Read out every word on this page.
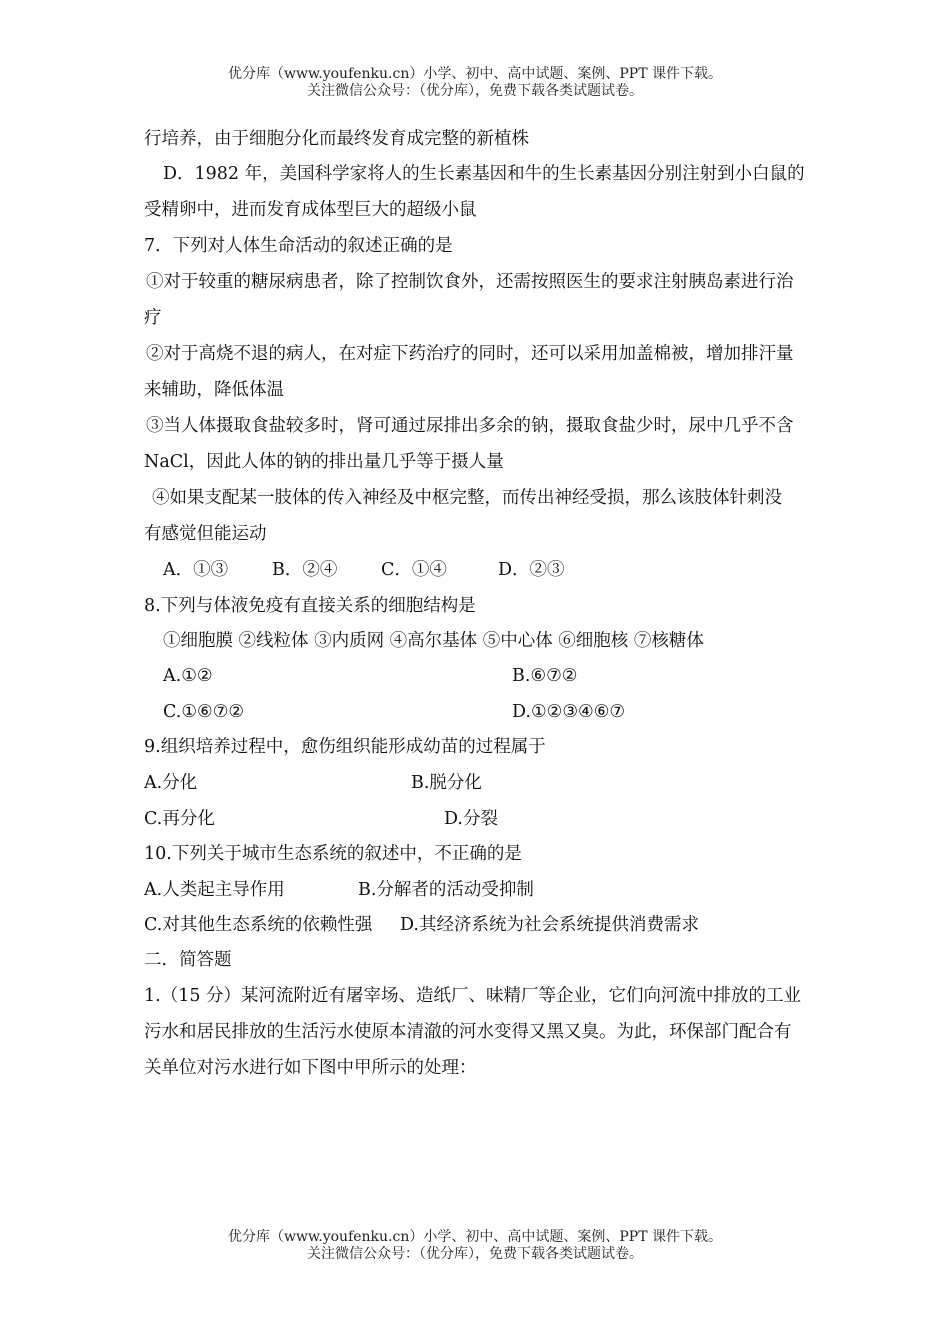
优分库（www.youfenku.cn）小学、初中、高中试题、案例、PPT 课件下载。
关注微信公众号：（优分库），免费下载各类试题试卷。
行培养，由于细胞分化而最终发育成完整的新植株
D．1982 年，美国科学家将人的生长素基因和牛的生长素基因分别注射到小白鼠的
受精卵中，进而发育成体型巨大的超级小鼠
7．下列对人体生命活动的叙述正确的是
①对于较重的糖尿病患者，除了控制饮食外，还需按照医生的要求注射胰岛素进行治
疗
②对于高烧不退的病人，在对症下药治疗的同时，还可以采用加盖棉被，增加排汗量
来辅助，降低体温
③当人体摄取食盐较多时，肾可通过尿排出多余的钠，摄取食盐少时，尿中几乎不含
NaCl，因此人体的钠的排出量几乎等于摄人量
④如果支配某一肢体的传入神经及中枢完整，而传出神经受损，那么该肢体针刺没
有感觉但能运动
A．①③	B．②④ C．①④	D．②③
8.下列与体液免疫有直接关系的细胞结构是
①细胞膜 ②线粒体 ③内质网 ④高尔基体 ⑤中心体 ⑥细胞核 ⑦核糖体
A.①②	B.⑥⑦②
C.①⑥⑦②	D.①②③④⑥⑦
9.组织培养过程中，愈伤组织能形成幼苗的过程属于
A.分化	B.脱分化
C.再分化	D.分裂
10.下列关于城市生态系统的叙述中，不正确的是
A.人类起主导作用	B.分解者的活动受抑制
C.对其他生态系统的依赖性强 D.其经济系统为社会系统提供消费需求
二．简答题
1.（15 分）某河流附近有屠宰场、造纸厂、味精厂等企业，它们向河流中排放的工业
污水和居民排放的生活污水使原本清澈的河水变得又黑又臭。为此，环保部门配合有
关单位对污水进行如下图中甲所示的处理：
优分库（www.youfenku.cn）小学、初中、高中试题、案例、PPT 课件下载。
关注微信公众号：（优分库），免费下载各类试题试卷。
